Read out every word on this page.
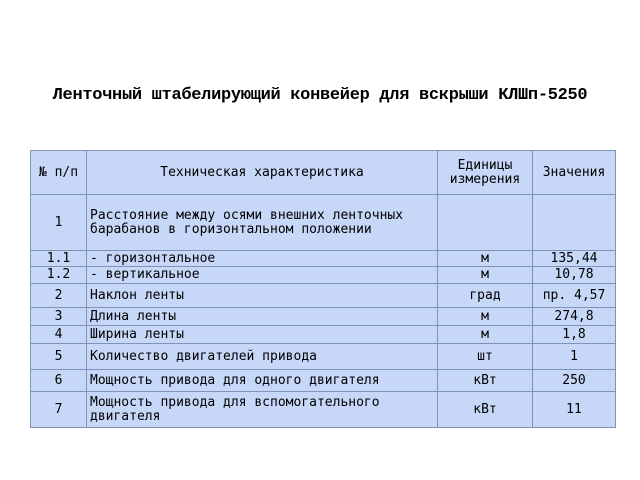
Ленточный штабелирующий конвейер для вскрыши КЛШп-5250
№ п/п	Техническая характеристика	Единицы измерения	Значения
1	Расстояние между осями внешних ленточных барабанов в горизонтальном положении		
1.1	- горизонтальное	м	135,44
1.2	- вертикальное	м	10,78
2	Наклон ленты	град	пр. 4,57
3	Длина ленты	м	274,8
4	Ширина ленты	м	1,8
5	Количество двигателей привода	шт	1
6	Мощность привода для одного двигателя	кВт	250
7	Мощность привода для вспомогательного двигателя	кВт	11
